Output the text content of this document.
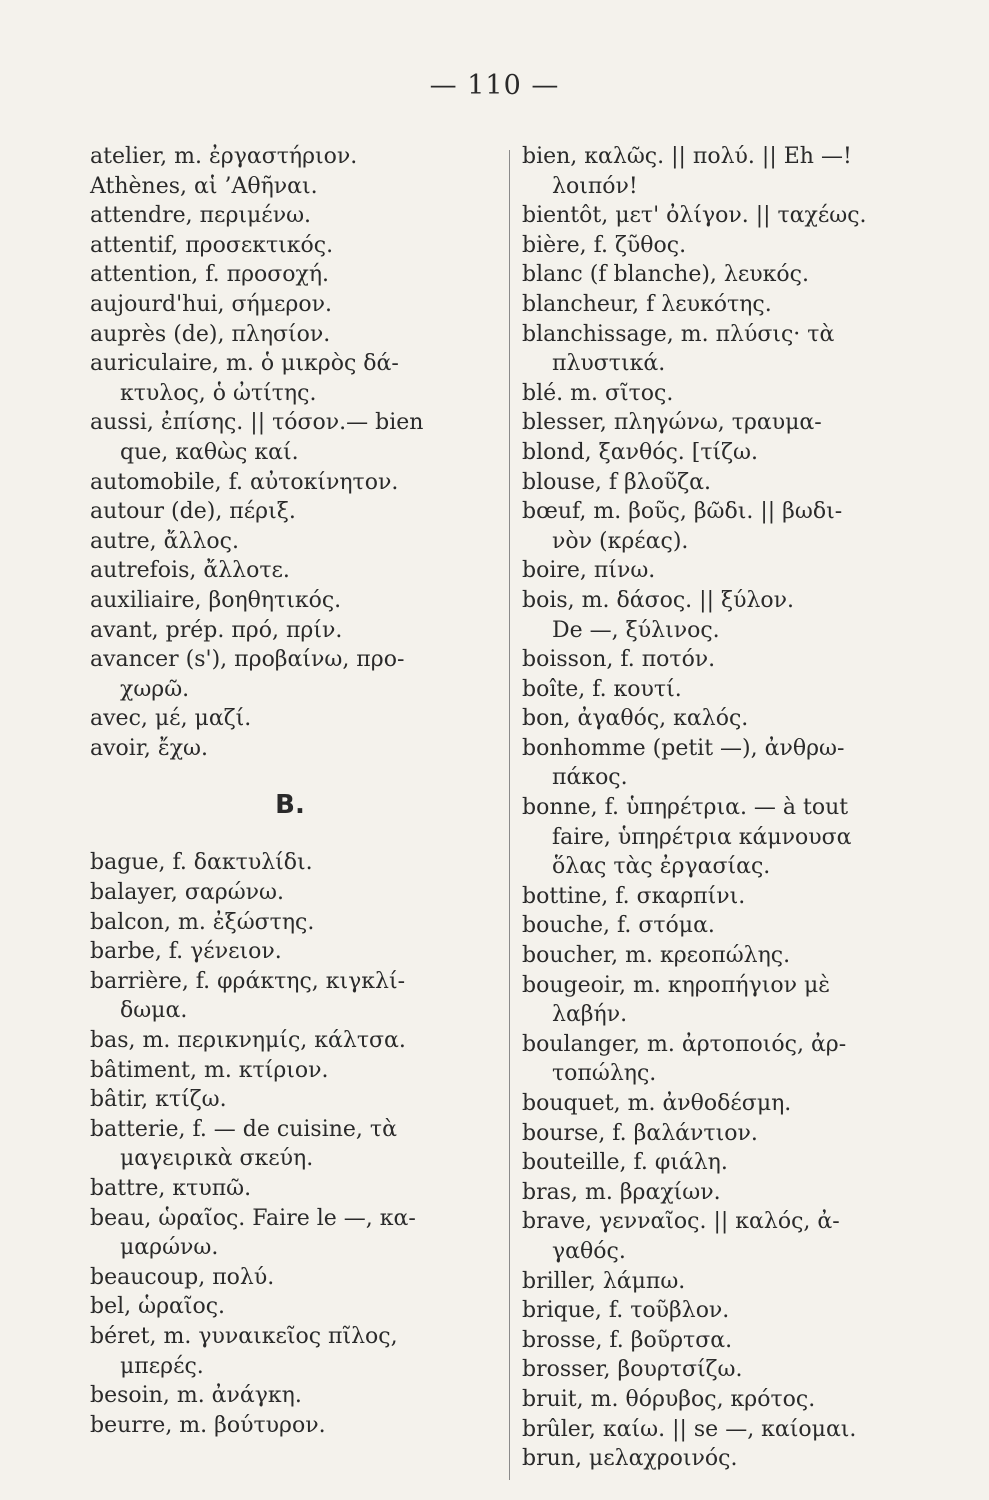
— 110 —
atelier, m. ἐργαστήριον.
Athènes, αἱ ’Αθῆναι.
attendre, περιμένω.
attentif, προσεκτικός.
attention, f. προσοχή.
aujourd'hui, σήμερον.
auprès (de), πλησίον.
auriculaire, m. ὁ μικρὸς δά-
κτυλος, ὁ ὠτίτης.
aussi, ἐπίσης. || τόσον.— bien
que, καθὼς καί.
automobile, f. αὐτοκίνητον.
autour (de), πέριξ.
autre, ἄλλος.
autrefois, ἄλλοτε.
auxiliaire, βοηθητικός.
avant, prép. πρό, πρίν.
avancer (s'), προβαίνω, προ-
χωρῶ.
avec, μέ, μαζί.
avoir, ἔχω.
B.
bague, f. δακτυλίδι.
balayer, σαρώνω.
balcon, m. ἐξώστης.
barbe, f. γένειον.
barrière, f. φράκτης, κιγκλί-
δωμα.
bas, m. περικνημίς, κάλτσα.
bâtiment, m. κτίριον.
bâtir, κτίζω.
batterie, f. — de cuisine, τὰ
μαγειρικὰ σκεύη.
battre, κτυπῶ.
beau, ὡραῖος. Faire le —, κα-
μαρώνω.
beaucoup, πολύ.
bel, ὡραῖος.
béret, m. γυναικεῖος πῖλος,
μπερές.
besoin, m. ἀνάγκη.
beurre, m. βούτυρον.
bien, καλῶς. || πολύ. || Eh —!
λοιπόν!
bientôt, μετ' ὀλίγον. || ταχέως.
bière, f. ζῦθος.
blanc (f blanche), λευκός.
blancheur, f λευκότης.
blanchissage, m. πλύσις· τὰ
πλυστικά.
blé. m. σῖτος.
blesser, πληγώνω, τραυμα-
blond, ξανθός. [τίζω.
blouse, f βλοῦζα.
bœuf, m. βοῦς, βῶδι. || βωδι-
νὸν (κρέας).
boire, πίνω.
bois, m. δάσος. || ξύλον.
De —, ξύλινος.
boisson, f. ποτόν.
boîte, f. κουτί.
bon, ἀγαθός, καλός.
bonhomme (petit —), ἀνθρω-
πάκος.
bonne, f. ὑπηρέτρια. — à tout
faire, ὑπηρέτρια κάμνουσα
ὅλας τὰς ἐργασίας.
bottine, f. σκαρπίνι.
bouche, f. στόμα.
boucher, m. κρεοπώλης.
bougeoir, m. κηροπήγιον μὲ
λαβήν.
boulanger, m. ἀρτοποιός, ἀρ-
τοπώλης.
bouquet, m. ἀνθοδέσμη.
bourse, f. βαλάντιον.
bouteille, f. φιάλη.
bras, m. βραχίων.
brave, γενναῖος. || καλός, ἀ-
γαθός.
briller, λάμπω.
brique, f. τοῦβλον.
brosse, f. βοῦρτσα.
brosser, βουρτσίζω.
bruit, m. θόρυβος, κρότος.
brûler, καίω. || se —, καίομαι.
brun, μελαχροινός.
